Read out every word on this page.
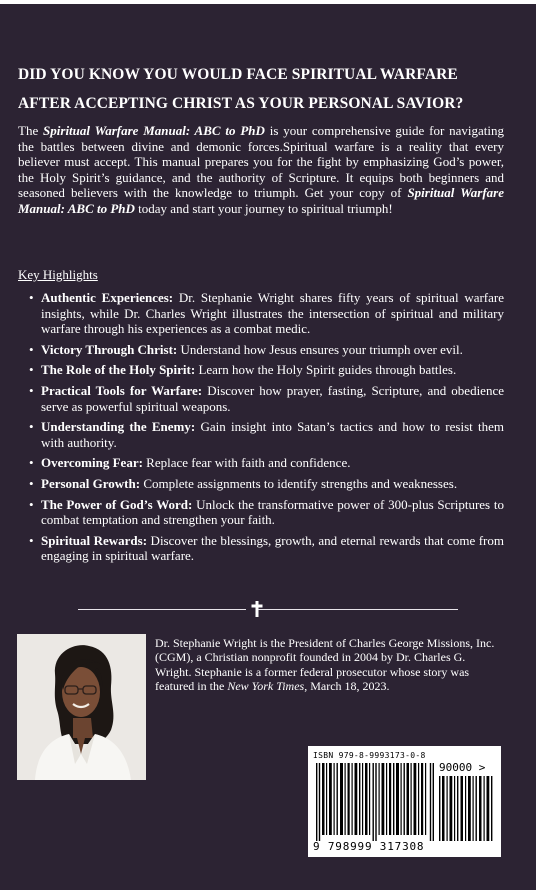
DID YOU KNOW YOU WOULD FACE SPIRITUAL WARFARE
AFTER ACCEPTING CHRIST AS YOUR PERSONAL SAVIOR?
The Spiritual Warfare Manual: ABC to PhD is your comprehensive guide for navigating the battles between divine and demonic forces.Spiritual warfare is a reality that every believer must accept. This manual prepares you for the fight by emphasizing God’s power, the Holy Spirit’s guidance, and the authority of Scripture. It equips both beginners and seasoned believers with the knowledge to triumph. Get your copy of Spiritual Warfare Manual: ABC to PhD today and start your journey to spiritual triumph!
Key Highlights
• Authentic Experiences: Dr. Stephanie Wright shares fifty years of spiritual warfare insights, while Dr. Charles Wright illustrates the intersection of spiritual and military warfare through his experiences as a combat medic.
• Victory Through Christ: Understand how Jesus ensures your triumph over evil.
• The Role of the Holy Spirit: Learn how the Holy Spirit guides through battles.
• Practical Tools for Warfare: Discover how prayer, fasting, Scripture, and obedience serve as powerful spiritual weapons.
• Understanding the Enemy: Gain insight into Satan’s tactics and how to resist them with authority.
• Overcoming Fear: Replace fear with faith and confidence.
• Personal Growth: Complete assignments to identify strengths and weaknesses.
• The Power of God’s Word: Unlock the transformative power of 300-plus Scriptures to combat temptation and strengthen your faith.
• Spiritual Rewards: Discover the blessings, growth, and eternal rewards that come from engaging in spiritual warfare.
Dr. Stephanie Wright is the President of Charles George Missions, Inc. (CGM), a Christian nonprofit founded in 2004 by Dr. Charles G. Wright. Stephanie is a former federal prosecutor whose story was featured in the New York Times, March 18, 2023.
ISBN 979-8-9993173-0-8
90000 >
9 798999 317308
